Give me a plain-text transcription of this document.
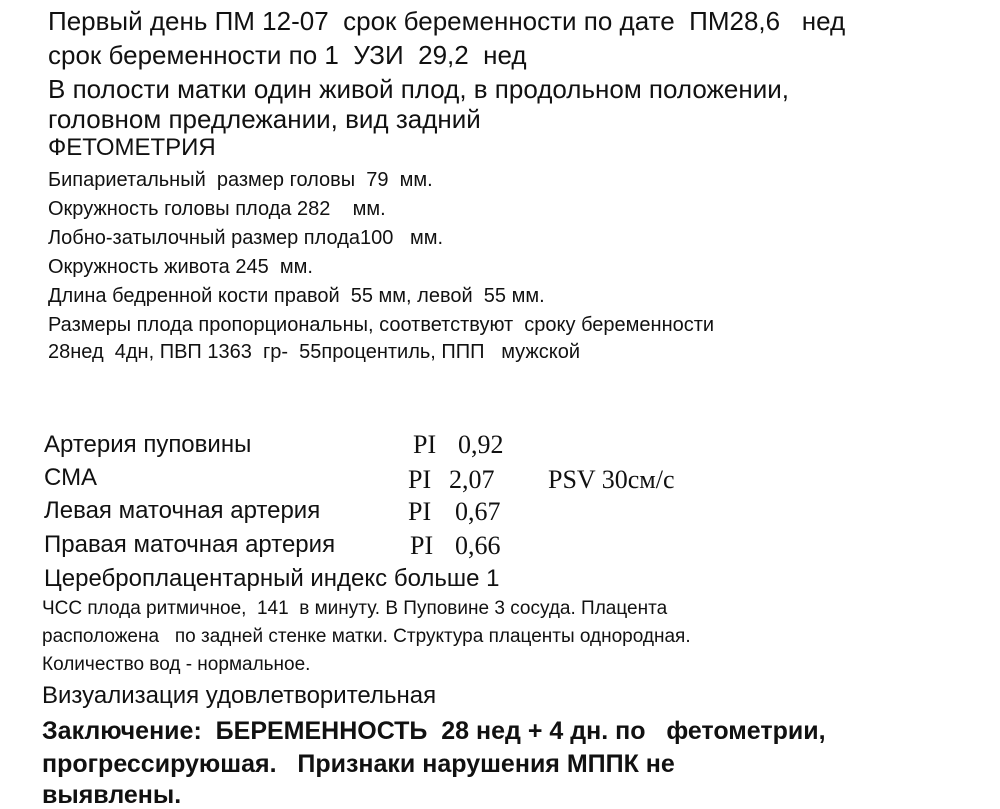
Первый день ПМ 12-07  срок беременности по дате  ПМ28,6   нед
срок беременности по 1  УЗИ  29,2  нед
В полости матки один живой плод, в продольном положении,
головном предлежании, вид задний
ФЕТОМЕТРИЯ
Бипариетальный  размер головы  79  мм.
Окружность головы плода 282    мм.
Лобно-затылочный размер плода100   мм.
Окружность живота 245  мм.
Длина бедренной кости правой  55 мм, левой  55 мм.
Размеры плода пропорциональны, соответствуют  сроку беременности
28нед  4дн, ПВП 1363  гр-  55процентиль, ППП   мужской
Артерия пуповины	PI 0,92
СМА	PI 2,07 PSV 30см/с
Левая маточная артерия	PI 0,67
Правая маточная артерия	PI 0,66
Цереброплацентарный индекс больше 1
ЧСС плода ритмичное,  141  в минуту. В Пуповине 3 сосуда. Плацента
расположена   по задней стенке матки. Структура плаценты однородная.
Количество вод - нормальное.
Визуализация удовлетворительная
Заключение:  БЕРЕМЕННОСТЬ  28 нед + 4 дн. по   фетометрии,
прогрессируюшая.   Признаки нарушения МППК не
выявлены.
